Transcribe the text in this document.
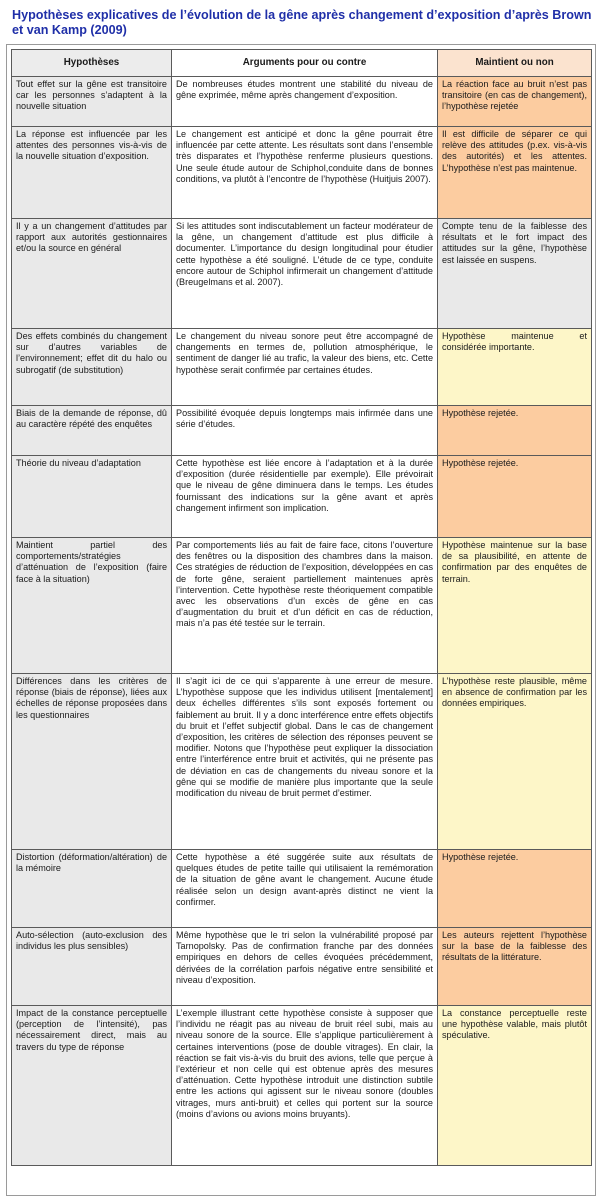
Hypothèses explicatives de l’évolution de la gêne après changement d’exposition d’après Brown et van Kamp (2009)
Hypothèses	Arguments pour ou contre	Maintient ou non
Tout effet sur la gêne est transitoire car les personnes s’adaptent à la nouvelle situation	De nombreuses études montrent une stabilité du niveau de gêne exprimée, même après changement d’exposition.	La réaction face au bruit n’est pas transitoire (en cas de changement), l’hypothèse rejetée
La réponse est influencée par les attentes des personnes vis-à-vis de la nouvelle situation d’exposition.	Le changement est anticipé et donc la gêne pourrait être influencée par cette attente. Les résultats sont dans l’ensemble très disparates et l’hypothèse renferme plusieurs questions. Une seule étude autour de Schiphol,conduite dans de bonnes conditions, va plutôt à l’encontre de l’hypothèse (Huitjuis 2007).	Il est difficile de séparer ce qui relève des attitudes (p.ex. vis-à-vis des autorités) et les attentes. L’hypothèse n’est pas maintenue.
Il y a un changement d’attitudes par rapport aux autorités gestionnaires et/ou la source en général	Si les attitudes sont indiscutablement un facteur modérateur de la gêne, un changement d’attitude est plus difficile à documenter. L’importance du design longitudinal pour étudier cette hypothèse a été souligné. L’étude de ce type, conduite encore autour de Schiphol infirmerait un changement d’attitude (Breugelmans et al. 2007).	Compte tenu de la faiblesse des résultats et le fort impact des attitudes sur la gêne, l’hypothèse est laissée en suspens.
Des effets combinés du changement sur d’autres variables de l’environnement; effet dit du halo ou subrogatif (de substitution)	Le changement du niveau sonore peut être accompagné de changements en termes de, pollution atmosphérique, le sentiment de danger lié au trafic, la valeur des biens, etc. Cette hypothèse serait confirmée par certaines études.	Hypothèse maintenue et considérée importante.
Biais de la demande de réponse, dû au caractère répété des enquêtes	Possibilité évoquée depuis longtemps mais infirmée dans une série d’études.	Hypothèse rejetée.
Théorie du niveau d’adaptation	Cette hypothèse est liée encore à l’adaptation et à la durée d’exposition (durée résidentielle par exemple). Elle prévoirait que le niveau de gêne diminuera dans le temps. Les études fournissant des indications sur la gêne avant et après changement infirment son implication.	Hypothèse rejetée.
Maintient partiel des comportements/stratégies d’atténuation de l’exposition (faire face à la situation)	Par comportements liés au fait de faire face, citons l’ouverture des fenêtres ou la disposition des chambres dans la maison. Ces stratégies de réduction de l’exposition, développées en cas de forte gêne, seraient partiellement maintenues après l’intervention. Cette hypothèse reste théoriquement compatible avec les observations d’un excès de gêne en cas d’augmentation du bruit et d’un déficit en cas de réduction, mais n’a pas été testée sur le terrain.	Hypothèse maintenue sur la base de sa plausibilité, en attente de confirmation par des enquêtes de terrain.
Différences dans les critères de réponse (biais de réponse), liées aux échelles de réponse proposées dans les questionnaires	Il s’agit ici de ce qui s’apparente à une erreur de mesure. L’hypothèse suppose que les individus utilisent [mentalement] deux échelles différentes s’ils sont exposés fortement ou faiblement au bruit. Il y a donc interférence entre effets objectifs du bruit et l’effet subjectif global. Dans le cas de changement d’exposition, les critères de sélection des réponses peuvent se modifier. Notons que l’hypothèse peut expliquer la dissociation entre l’interférence entre bruit et activités, qui ne présente pas de déviation en cas de changements du niveau sonore et la gêne qui se modifie de manière plus importante que la seule modification du niveau de bruit permet d’estimer.	L’hypothèse reste plausible, même en absence de confirmation par les données empiriques.
Distortion (déformation/altération) de la mémoire	Cette hypothèse a été suggérée suite aux résultats de quelques études de petite taille qui utilisaient la remémoration de la situation de gêne avant le changement. Aucune étude réalisée selon un design avant-après distinct ne vient la confirmer.	Hypothèse rejetée.
Auto-sélection (auto-exclusion des individus les plus sensibles)	Même hypothèse que le tri selon la vulnérabilité proposé par Tarnopolsky. Pas de confirmation franche par des données empiriques en dehors de celles évoquées précédemment, dérivées de la corrélation parfois négative entre sensibilité et niveau d’exposition.	Les auteurs rejettent l’hypothèse sur la base de la faiblesse des résultats de la littérature.
Impact de la constance perceptuelle (perception de l’intensité), pas nécessairement direct, mais au travers du type de réponse	L’exemple illustrant cette hypothèse consiste à supposer que l’individu ne réagit pas au niveau de bruit réel subi, mais au niveau sonore de la source. Elle s’applique particulièrement à certaines interventions (pose de double vitrages). En clair, la réaction se fait vis-à-vis du bruit des avions, telle que perçue à l’extérieur et non celle qui est obtenue après des mesures d’atténuation. Cette hypothèse introduit une distinction subtile entre les actions qui agissent sur le niveau sonore (doubles vitrages, murs anti-bruit) et celles qui portent sur la source (moins d’avions ou avions moins bruyants).	La constance perceptuelle reste une hypothèse valable, mais plutôt spéculative.
